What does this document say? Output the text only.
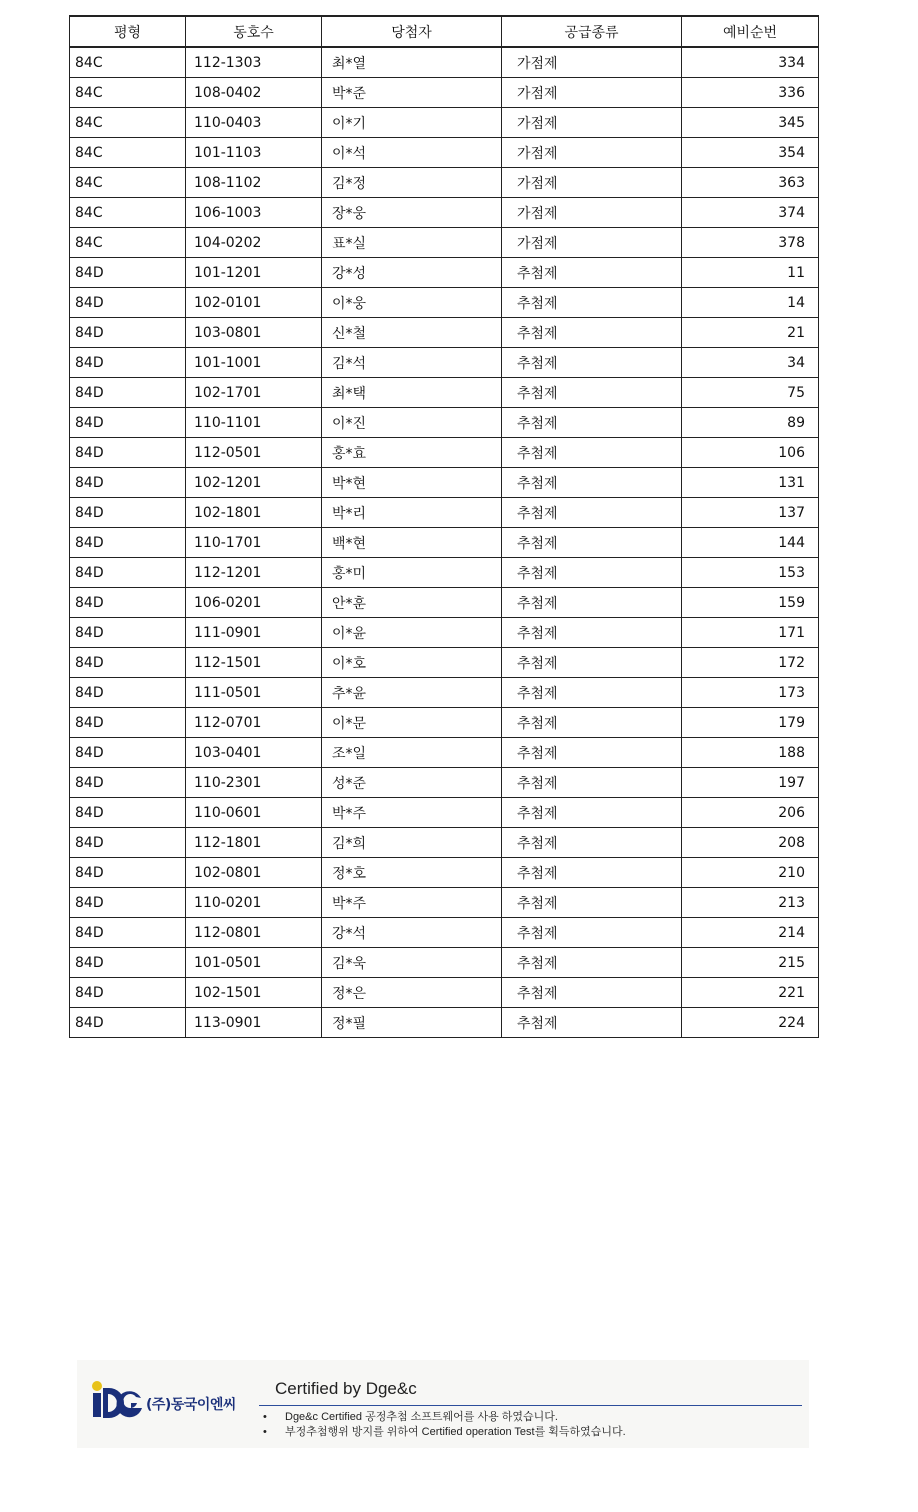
평형	동호수	당첨자	공급종류	예비순번
84C	112-1303	최*열	가점제	334
84C	108-0402	박*준	가점제	336
84C	110-0403	이*기	가점제	345
84C	101-1103	이*석	가점제	354
84C	108-1102	김*정	가점제	363
84C	106-1003	장*웅	가점제	374
84C	104-0202	표*실	가점제	378
84D	101-1201	강*성	추첨제	11
84D	102-0101	이*웅	추첨제	14
84D	103-0801	신*철	추첨제	21
84D	101-1001	김*석	추첨제	34
84D	102-1701	최*택	추첨제	75
84D	110-1101	이*진	추첨제	89
84D	112-0501	홍*효	추첨제	106
84D	102-1201	박*현	추첨제	131
84D	102-1801	박*리	추첨제	137
84D	110-1701	백*현	추첨제	144
84D	112-1201	홍*미	추첨제	153
84D	106-0201	안*훈	추첨제	159
84D	111-0901	이*윤	추첨제	171
84D	112-1501	이*호	추첨제	172
84D	111-0501	추*윤	추첨제	173
84D	112-0701	이*문	추첨제	179
84D	103-0401	조*일	추첨제	188
84D	110-2301	성*준	추첨제	197
84D	110-0601	박*주	추첨제	206
84D	112-1801	김*희	추첨제	208
84D	102-0801	정*호	추첨제	210
84D	110-0201	박*주	추첨제	213
84D	112-0801	강*석	추첨제	214
84D	101-0501	김*욱	추첨제	215
84D	102-1501	정*은	추첨제	221
84D	113-0901	정*필	추첨제	224
(주)동국이엔씨
Certified by Dge&c
• Dge&c Certified 공정추첨 소프트웨어를 사용 하였습니다.
• 부정추첨행위 방지를 위하여 Certified operation Test를 획득하였습니다.
